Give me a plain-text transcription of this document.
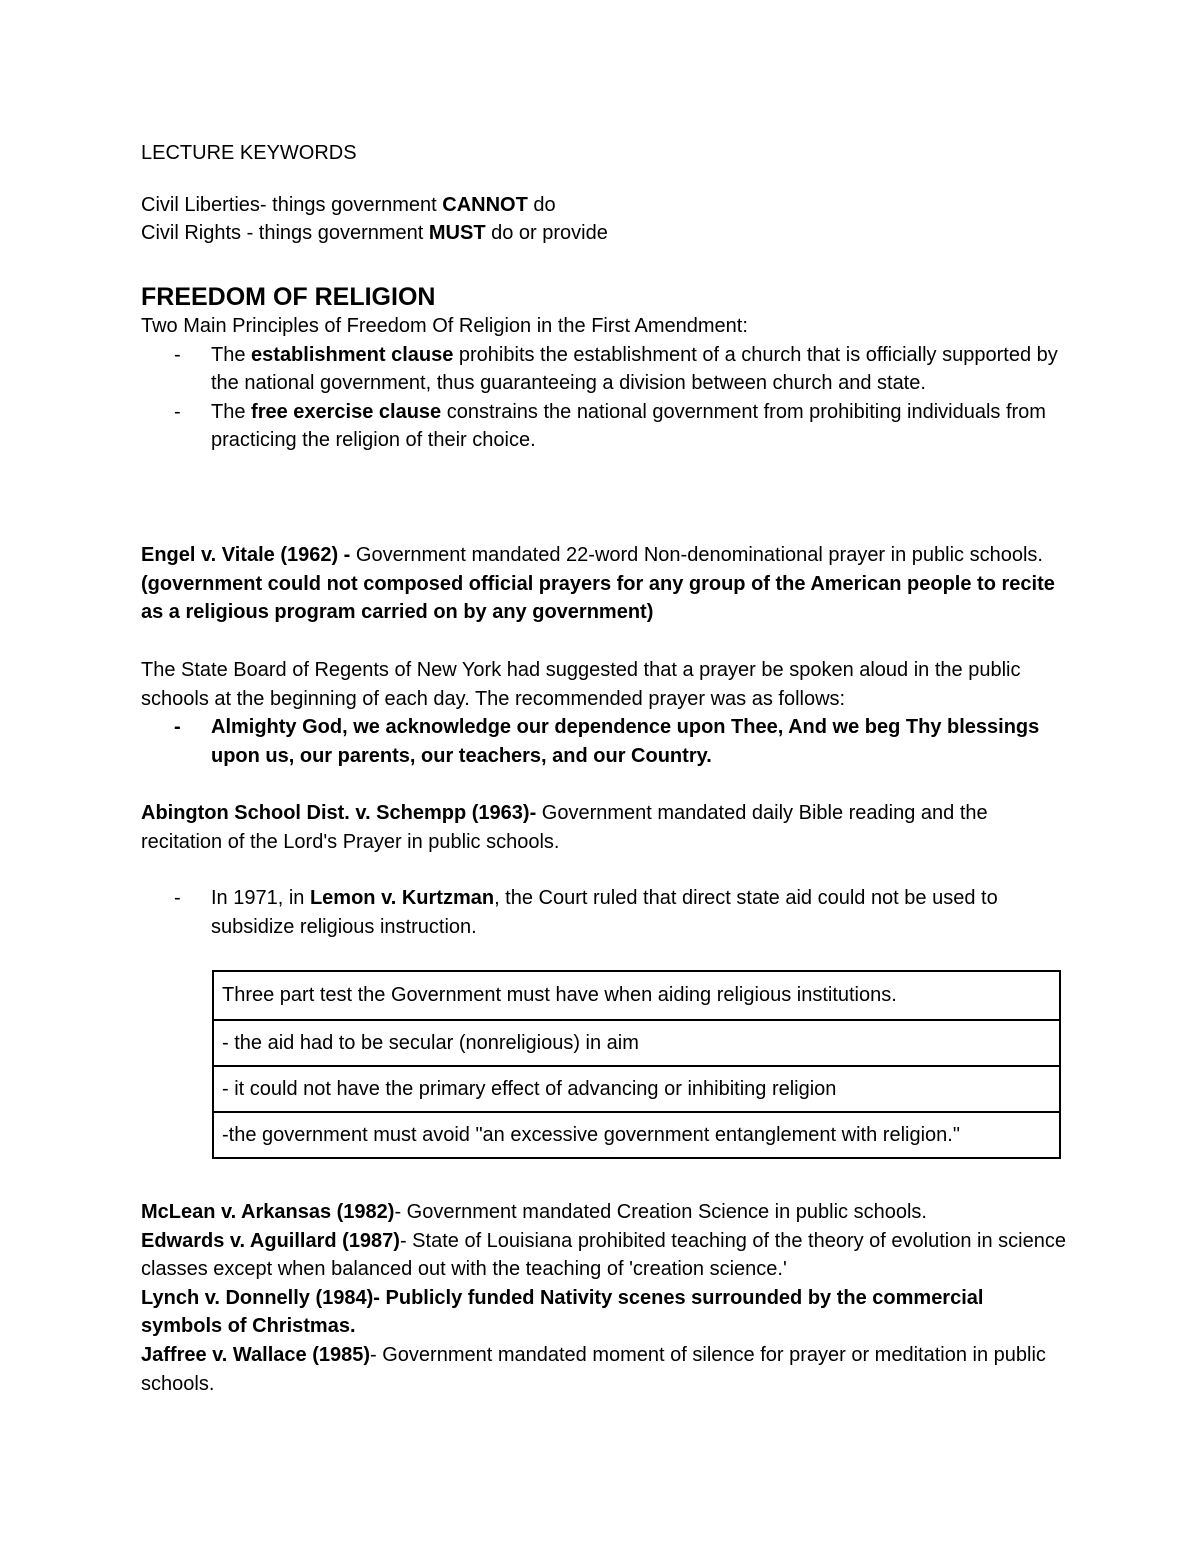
LECTURE KEYWORDS

Civil Liberties- things government CANNOT do

Civil Rights - things government MUST do or provide

FREEDOM OF RELIGION

Two Main Principles of Freedom Of Religion in the First Amendment:

- The establishment clause prohibits the establishment of a church that is officially supported by the national government, thus guaranteeing a division between church and state.
- The free exercise clause constrains the national government from prohibiting individuals from practicing the religion of their choice.

Engel v. Vitale (1962) - Government mandated 22-word Non-denominational prayer in public schools. (government could not composed official prayers for any group of the American people to recite as a religious program carried on by any government)

The State Board of Regents of New York had suggested that a prayer be spoken aloud in the public schools at the beginning of each day. The recommended prayer was as follows:

- Almighty God, we acknowledge our dependence upon Thee, And we beg Thy blessings upon us, our parents, our teachers, and our Country.

Abington School Dist. v. Schempp (1963)- Government mandated daily Bible reading and the recitation of the Lord's Prayer in public schools.

- In 1971, in Lemon v. Kurtzman, the Court ruled that direct state aid could not be used to subsidize religious instruction.
Three part test the Government must have when aiding religious institutions.
- the aid had to be secular (nonreligious) in aim
- it could not have the primary effect of advancing or inhibiting religion
-the government must avoid "an excessive government entanglement with religion."

McLean v. Arkansas (1982)- Government mandated Creation Science in public schools.

Edwards v. Aguillard (1987)- State of Louisiana prohibited teaching of the theory of evolution in science classes except when balanced out with the teaching of 'creation science.'

Lynch v. Donnelly (1984)- Publicly funded Nativity scenes surrounded by the commercial symbols of Christmas.

Jaffree v. Wallace (1985)- Government mandated moment of silence for prayer or meditation in public schools.
